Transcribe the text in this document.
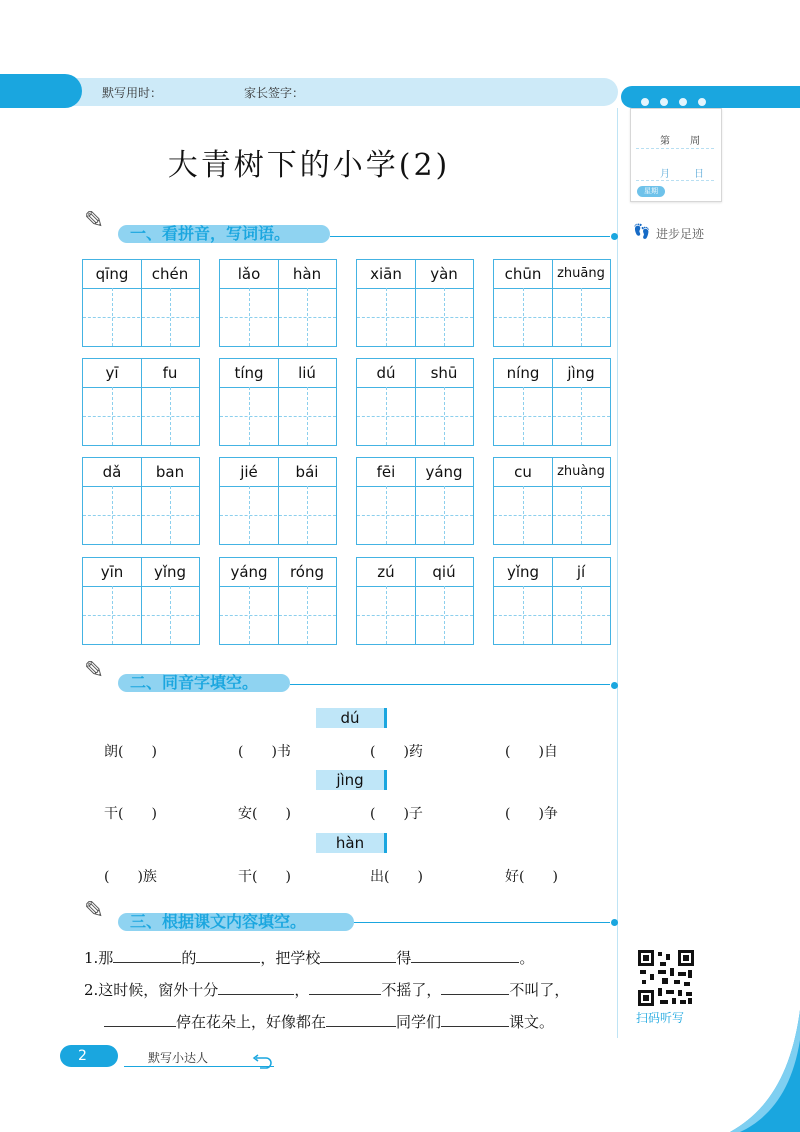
默写用时：	家长签字：
第 周
月 日
星期
👣 进步足迹
大青树下的小学(2)
✎ 一、看拼音，写词语。
qīng	chén	lǎo	hàn	xiān	yàn	chūn	zhuāng
yī	fu	tíng	liú	dú	shū	níng	jìng
dǎ	ban	jié	bái	fēi	yáng	cu	zhuàng
yīn	yǐng	yáng	róng	zú	qiú	yǐng	jí
✎ 二、同音字填空。
dú
朗(　　)	(　　)书	(　　)药	(　　)自
jìng
干(　　)	安(　　)	(　　)子	(　　)争
hàn
(　　)族	干(　　)	出(　　)	好(　　)
✎ 三、根据课文内容填空。
1.那	的	，把学校	得	。
2.这时候，窗外十分	，	不摇了，	不叫了，
停在花朵上，好像都在	同学们	课文。	扫码听写
2	默写小达人
